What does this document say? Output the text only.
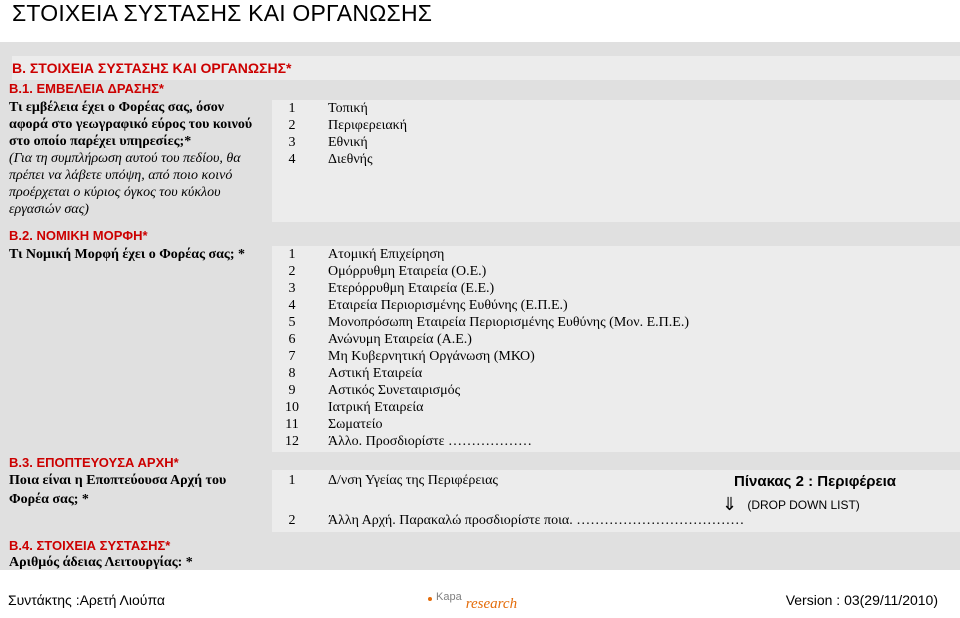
ΣΤΟΙΧΕΙΑ ΣΥΣΤΑΣΗΣ ΚΑΙ ΟΡΓΑΝΩΣΗΣ
Β. ΣΤΟΙΧΕΙΑ ΣΥΣΤΑΣΗΣ ΚΑΙ ΟΡΓΑΝΩΣΗΣ*
Β.1. ΕΜΒΕΛΕΙΑ ΔΡΑΣΗΣ*
Τι εμβέλεια έχει ο Φορέας σας, όσον
αφορά στο γεωγραφικό εύρος του κοινού
στο οποίο παρέχει υπηρεσίες;*
(Για τη συμπλήρωση αυτού του πεδίου, θα
πρέπει να λάβετε υπόψη, από ποιο κοινό
προέρχεται ο κύριος όγκος του κύκλου
εργασιών σας)
1	Τοπική
2	Περιφερειακή
3	Εθνική
4	Διεθνής
Β.2. ΝΟΜΙΚΗ ΜΟΡΦΗ*
Τι Νομική Μορφή έχει ο Φορέας σας; *	1	Ατομική Επιχείρηση
2	Ομόρρυθμη Εταιρεία (Ο.Ε.)
3	Ετερόρρυθμη Εταιρεία (Ε.Ε.)
4	Εταιρεία Περιορισμένης Ευθύνης (Ε.Π.Ε.)
5	Μονοπρόσωπη Εταιρεία Περιορισμένης Ευθύνης (Μον. Ε.Π.Ε.)
6	Ανώνυμη Εταιρεία (Α.Ε.)
7	Μη Κυβερνητική Οργάνωση (ΜΚΟ)
8	Αστική Εταιρεία
9	Αστικός Συνεταιρισμός
10	Ιατρική Εταιρεία
11	Σωματείο
12	Άλλο. Προσδιορίστε ………………
Β.3. ΕΠΟΠΤΕΥΟΥΣΑ ΑΡΧΗ*
Ποια είναι η Εποπτεύουσα Αρχή του
Φορέα σας; *
1	Δ/νση Υγείας της Περιφέρειας
2	Άλλη Αρχή. Παρακαλώ προσδιορίστε ποια. ………………………………
Πίνακας 2 : Περιφέρεια
⇓ (DROP DOWN LIST)
Β.4. ΣΤΟΙΧΕΙΑ ΣΥΣΤΑΣΗΣ*
Αριθμός άδειας Λειτουργίας: *
Συντάκτης :Αρετή Λιούπα	$^{Kapa}$ research	Version : 03(29/11/2010)
